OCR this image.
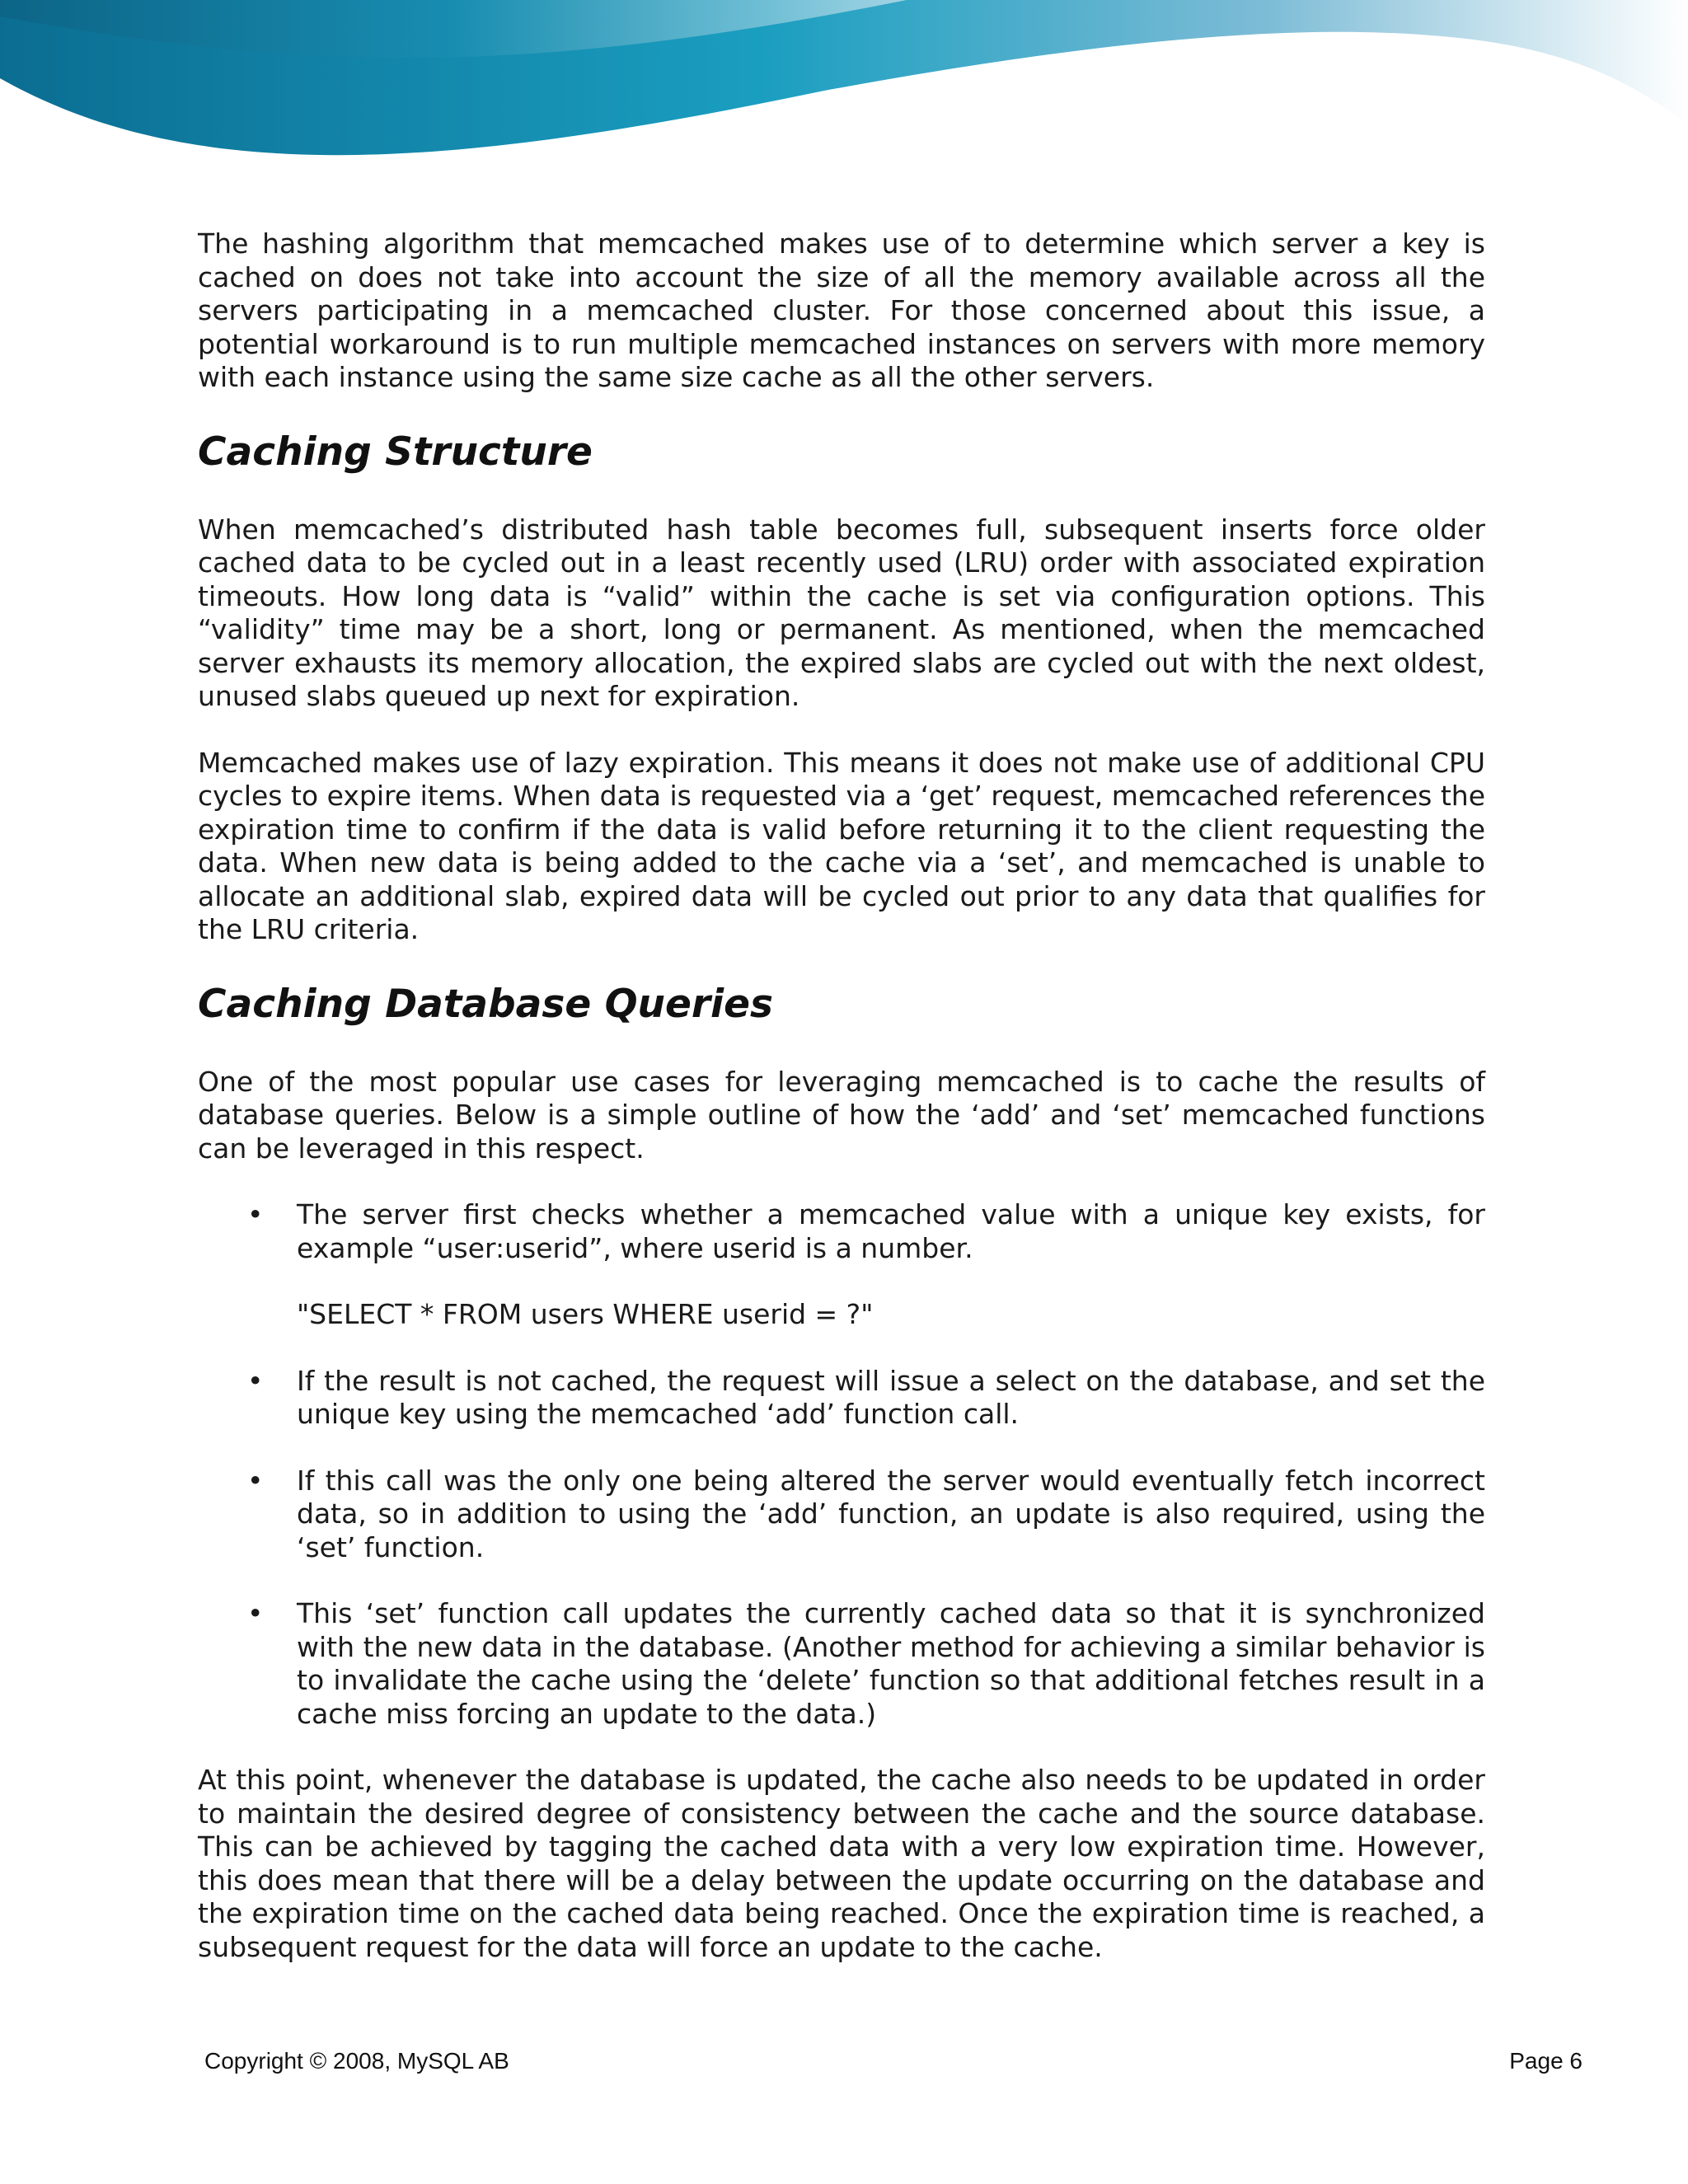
The hashing algorithm that memcached makes use of to determine which server a key is cached on does not take into account the size of all the memory available across all the servers participating in a memcached cluster. For those concerned about this issue, a potential workaround is to run multiple memcached instances on servers with more memory with each instance using the same size cache as all the other servers.

Caching Structure

When memcached’s distributed hash table becomes full, subsequent inserts force older cached data to be cycled out in a least recently used (LRU) order with associated expiration timeouts. How long data is “valid” within the cache is set via configuration options. This “validity” time may be a short, long or permanent. As mentioned, when the memcached server exhausts its memory allocation, the expired slabs are cycled out with the next oldest, unused slabs queued up next for expiration.

Memcached makes use of lazy expiration. This means it does not make use of additional CPU cycles to expire items. When data is requested via a ‘get’ request, memcached references the expiration time to confirm if the data is valid before returning it to the client requesting the data. When new data is being added to the cache via a ‘set’, and memcached is unable to allocate an additional slab, expired data will be cycled out prior to any data that qualifies for the LRU criteria.

Caching Database Queries

One of the most popular use cases for leveraging memcached is to cache the results of database queries. Below is a simple outline of how the ‘add’ and ‘set’ memcached functions can be leveraged in this respect.

• The server first checks whether a memcached value with a unique key exists, for example “user:userid”, where userid is a number.

"SELECT * FROM users WHERE userid = ?"

• If the result is not cached, the request will issue a select on the database, and set the unique key using the memcached ‘add’ function call.

• If this call was the only one being altered the server would eventually fetch incorrect data, so in addition to using the ‘add’ function, an update is also required, using the ‘set’ function.

• This ‘set’ function call updates the currently cached data so that it is synchronized with the new data in the database. (Another method for achieving a similar behavior is to invalidate the cache using the ‘delete’ function so that additional fetches result in a cache miss forcing an update to the data.)

At this point, whenever the database is updated, the cache also needs to be updated in order to maintain the desired degree of consistency between the cache and the source database. This can be achieved by tagging the cached data with a very low expiration time. However, this does mean that there will be a delay between the update occurring on the database and the expiration time on the cached data being reached. Once the expiration time is reached, a subsequent request for the data will force an update to the cache.

Copyright © 2008, MySQL AB	Page 6
